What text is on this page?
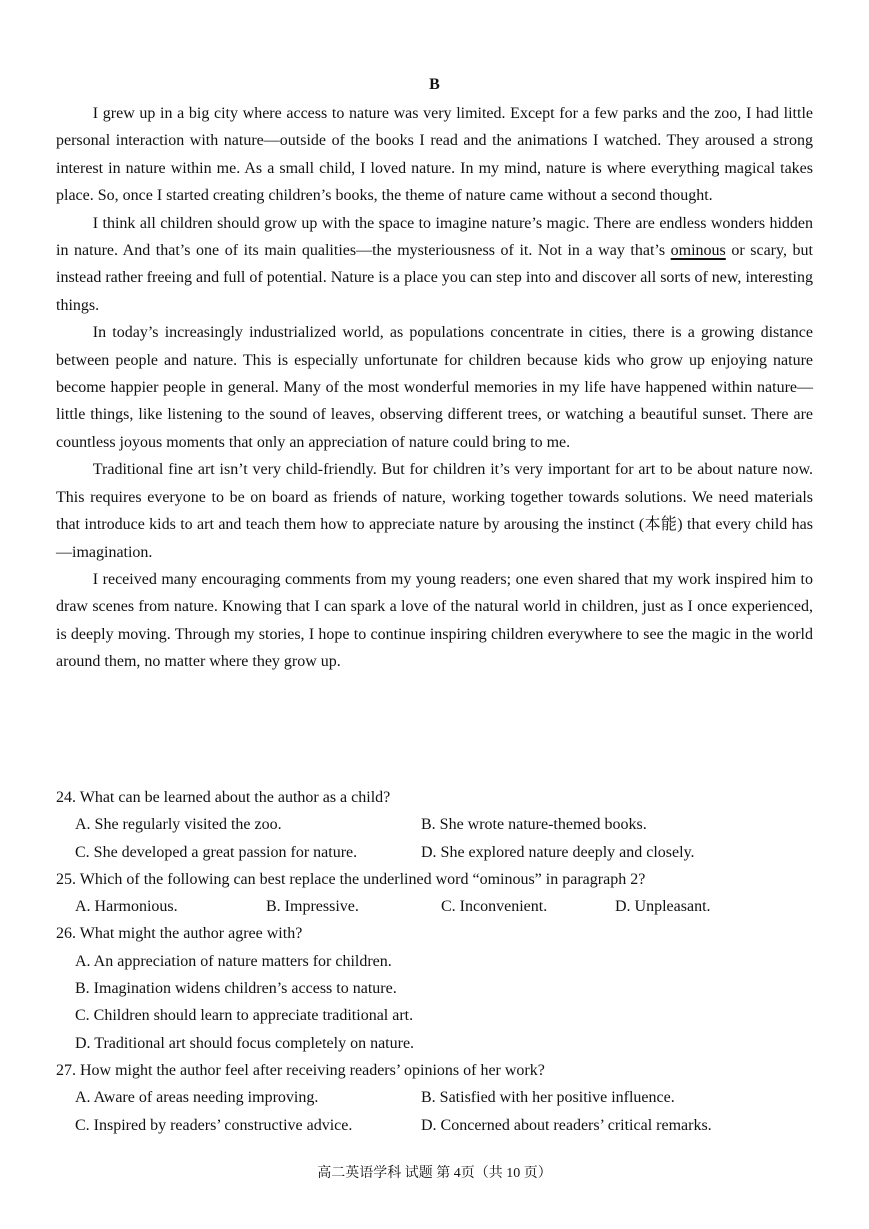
B

I grew up in a big city where access to nature was very limited. Except for a few parks and the zoo, I had little personal interaction with nature—outside of the books I read and the animations I watched. They aroused a strong interest in nature within me. As a small child, I loved nature. In my mind, nature is where everything magical takes place. So, once I started creating children’s books, the theme of nature came without a second thought.

I think all children should grow up with the space to imagine nature’s magic. There are endless wonders hidden in nature. And that’s one of its main qualities—the mysteriousness of it. Not in a way that’s ominous or scary, but instead rather freeing and full of potential. Nature is a place you can step into and discover all sorts of new, interesting things.

In today’s increasingly industrialized world, as populations concentrate in cities, there is a growing distance between people and nature. This is especially unfortunate for children because kids who grow up enjoying nature become happier people in general. Many of the most wonderful memories in my life have happened within nature—little things, like listening to the sound of leaves, observing different trees, or watching a beautiful sunset. There are countless joyous moments that only an appreciation of nature could bring to me.

Traditional fine art isn’t very child-friendly. But for children it’s very important for art to be about nature now. This requires everyone to be on board as friends of nature, working together towards solutions. We need materials that introduce kids to art and teach them how to appreciate nature by arousing the instinct (本能) that every child has—imagination.

I received many encouraging comments from my young readers; one even shared that my work inspired him to draw scenes from nature. Knowing that I can spark a love of the natural world in children, just as I once experienced, is deeply moving. Through my stories, I hope to continue inspiring children everywhere to see the magic in the world around them, no matter where they grow up.

24. What can be learned about the author as a child?
A. She regularly visited the zoo.	B. She wrote nature-themed books.
C. She developed a great passion for nature.	D. She explored nature deeply and closely.
25. Which of the following can best replace the underlined word “ominous” in paragraph 2?
A. Harmonious.	B. Impressive.	C. Inconvenient.	D. Unpleasant.
26. What might the author agree with?
A. An appreciation of nature matters for children.
B. Imagination widens children’s access to nature.
C. Children should learn to appreciate traditional art.
D. Traditional art should focus completely on nature.
27. How might the author feel after receiving readers’ opinions of her work?
A. Aware of areas needing improving.	B. Satisfied with her positive influence.
C. Inspired by readers’ constructive advice.	D. Concerned about readers’ critical remarks.
高二英语学科 试题 第 4页（共 10 页）
